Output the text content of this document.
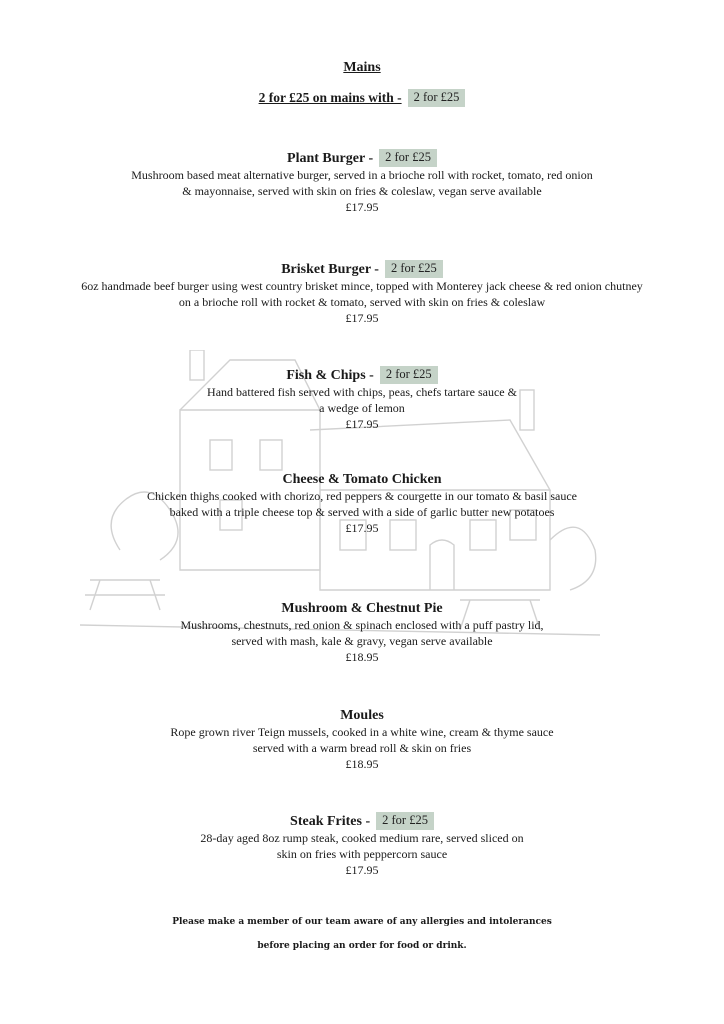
Mains
2 for £25 on mains with - 2 for £25
Plant Burger - 2 for £25
Mushroom based meat alternative burger, served in a brioche roll with rocket, tomato, red onion
& mayonnaise, served with skin on fries & coleslaw, vegan serve available
£17.95
Brisket Burger - 2 for £25
6oz handmade beef burger using west country brisket mince, topped with Monterey jack cheese & red onion chutney
on a brioche roll with rocket & tomato, served with skin on fries & coleslaw
£17.95
Fish & Chips - 2 for £25
Hand battered fish served with chips, peas, chefs tartare sauce &
a wedge of lemon
£17.95
Cheese & Tomato Chicken
Chicken thighs cooked with chorizo, red peppers & courgette in our tomato & basil sauce
baked with a triple cheese top & served with a side of garlic butter new potatoes
£17.95
Mushroom & Chestnut Pie
Mushrooms, chestnuts, red onion & spinach enclosed with a puff pastry lid,
served with mash, kale & gravy, vegan serve available
£18.95
Moules
Rope grown river Teign mussels, cooked in a white wine, cream & thyme sauce
served with a warm bread roll & skin on fries
£18.95
Steak Frites - 2 for £25
28-day aged 8oz rump steak, cooked medium rare, served sliced on
skin on fries with peppercorn sauce
£17.95
Please make a member of our team aware of any allergies and intolerances
before placing an order for food or drink.
